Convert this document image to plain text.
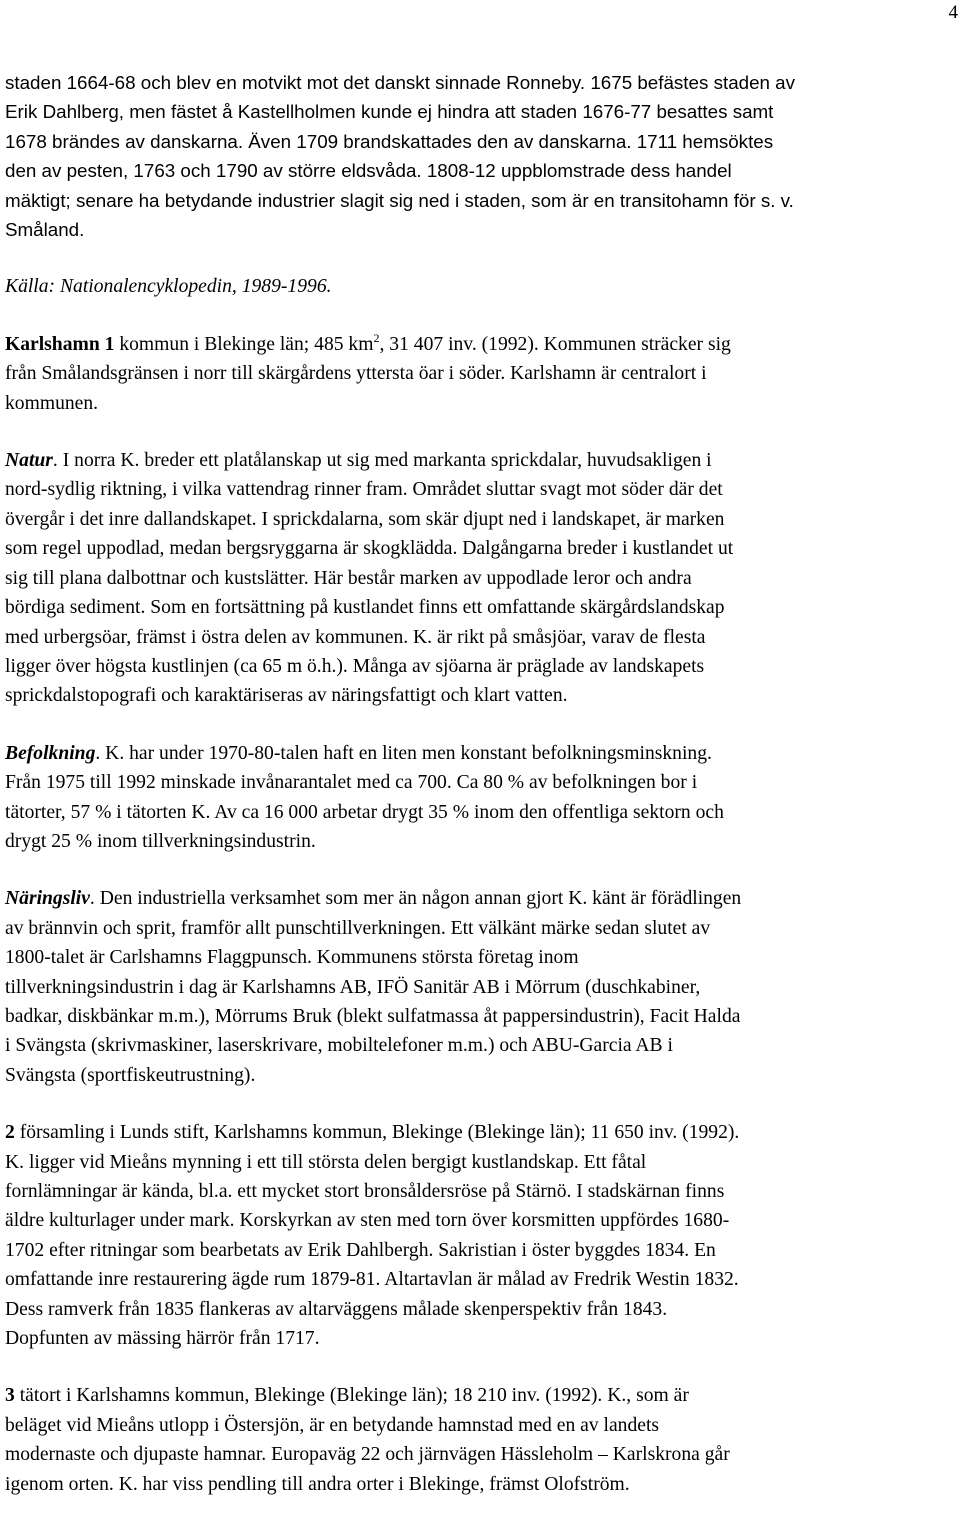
4

staden 1664-68 och blev en motvikt mot det danskt sinnade Ronneby. 1675 befästes staden av
Erik Dahlberg, men fästet å Kastellholmen kunde ej hindra att staden 1676-77 besattes samt
1678 brändes av danskarna. Även 1709 brandskattades den av danskarna. 1711 hemsöktes
den av pesten, 1763 och 1790 av större eldsvåda. 1808-12 uppblomstrade dess handel
mäktigt; senare ha betydande industrier slagit sig ned i staden, som är en transitohamn för s. v.
Småland.

Källa: Nationalencyklopedin, 1989-1996.

Karlshamn 1 kommun i Blekinge län; 485 $km^2$, 31 407 inv. (1992). Kommunen sträcker sig
från Smålandsgränsen i norr till skärgårdens yttersta öar i söder. Karlshamn är centralort i
kommunen.

Natur. I norra K. breder ett platålanskap ut sig med markanta sprickdalar, huvudsakligen i
nord-sydlig riktning, i vilka vattendrag rinner fram. Området sluttar svagt mot söder där det
övergår i det inre dallandskapet. I sprickdalarna, som skär djupt ned i landskapet, är marken
som regel uppodlad, medan bergsryggarna är skogklädda. Dalgångarna breder i kustlandet ut
sig till plana dalbottnar och kustslätter. Här består marken av uppodlade leror och andra
bördiga sediment. Som en fortsättning på kustlandet finns ett omfattande skärgårdslandskap
med urbergsöar, främst i östra delen av kommunen. K. är rikt på småsjöar, varav de flesta
ligger över högsta kustlinjen (ca 65 m ö.h.). Många av sjöarna är präglade av landskapets
sprickdalstopografi och karaktäriseras av näringsfattigt och klart vatten.

Befolkning. K. har under 1970-80-talen haft en liten men konstant befolkningsminskning.
Från 1975 till 1992 minskade invånarantalet med ca 700. Ca 80 % av befolkningen bor i
tätorter, 57 % i tätorten K. Av ca 16 000 arbetar drygt 35 % inom den offentliga sektorn och
drygt 25 % inom tillverkningsindustrin.

Näringsliv. Den industriella verksamhet som mer än någon annan gjort K. känt är förädlingen
av brännvin och sprit, framför allt punschtillverkningen. Ett välkänt märke sedan slutet av
1800-talet är Carlshamns Flaggpunsch. Kommunens största företag inom
tillverkningsindustrin i dag är Karlshamns AB, IFÖ Sanitär AB i Mörrum (duschkabiner,
badkar, diskbänkar m.m.), Mörrums Bruk (blekt sulfatmassa åt pappersindustrin), Facit Halda
i Svängsta (skrivmaskiner, laserskrivare, mobiltelefoner m.m.) och ABU-Garcia AB i
Svängsta (sportfiskeutrustning).

2 församling i Lunds stift, Karlshamns kommun, Blekinge (Blekinge län); 11 650 inv. (1992).
K. ligger vid Mieåns mynning i ett till största delen bergigt kustlandskap. Ett fåtal
fornlämningar är kända, bl.a. ett mycket stort bronsåldersröse på Stärnö. I stadskärnan finns
äldre kulturlager under mark. Korskyrkan av sten med torn över korsmitten uppfördes 1680-
1702 efter ritningar som bearbetats av Erik Dahlbergh. Sakristian i öster byggdes 1834. En
omfattande inre restaurering ägde rum 1879-81. Altartavlan är målad av Fredrik Westin 1832.
Dess ramverk från 1835 flankeras av altarväggens målade skenperspektiv från 1843.
Dopfunten av mässing härrör från 1717.

3 tätort i Karlshamns kommun, Blekinge (Blekinge län); 18 210 inv. (1992). K., som är
beläget vid Mieåns utlopp i Östersjön, är en betydande hamnstad med en av landets
modernaste och djupaste hamnar. Europaväg 22 och järnvägen Hässleholm – Karlskrona går
igenom orten. K. har viss pendling till andra orter i Blekinge, främst Olofström.
